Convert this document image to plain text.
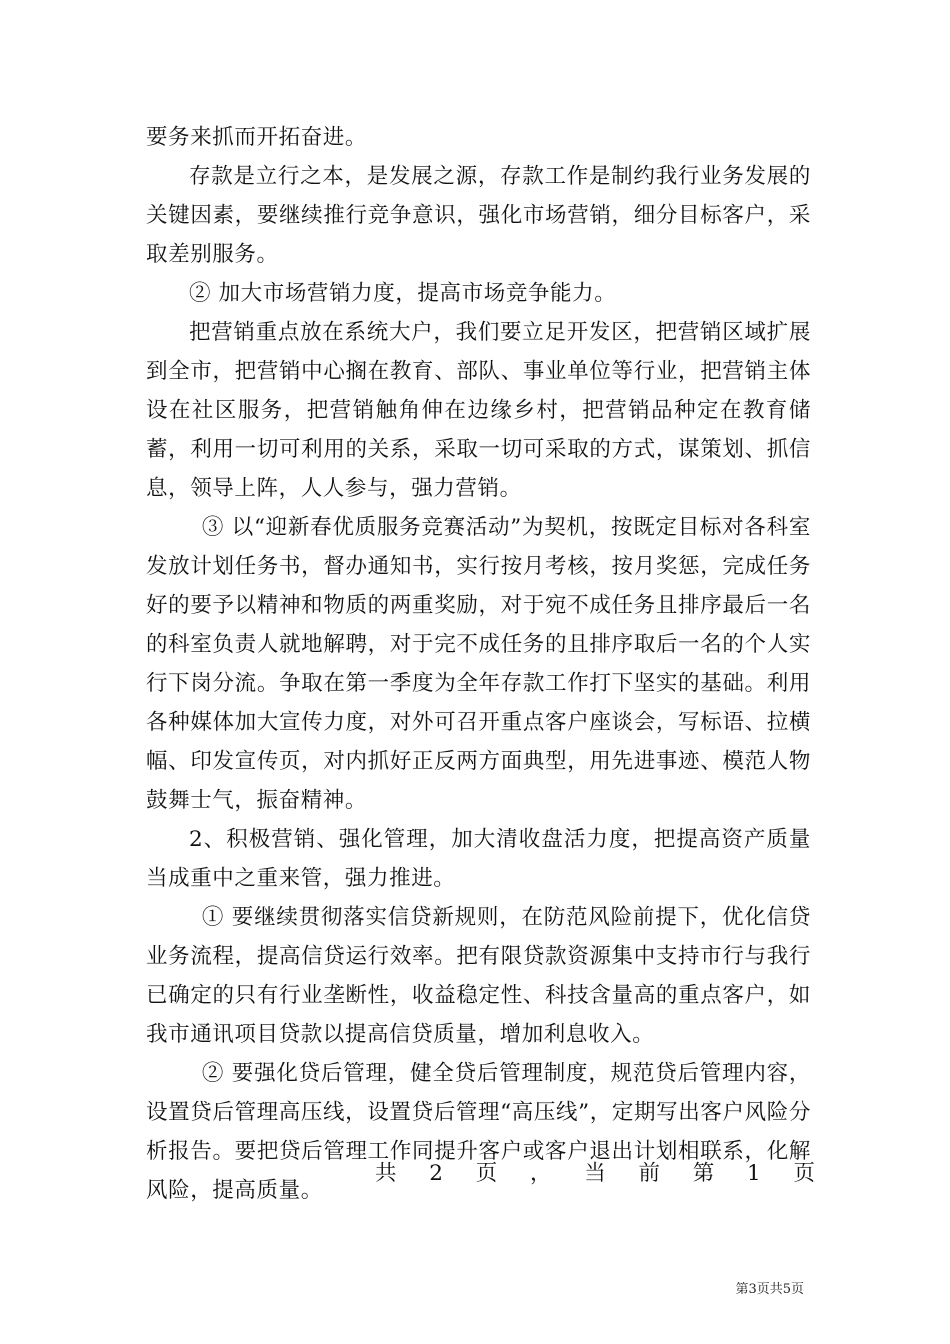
要务来抓而开拓奋进。

存款是立行之本，是发展之源，存款工作是制约我行业务发展的关键因素，要继续推行竞争意识，强化市场营销，细分目标客户，采取差别服务。

② 加大市场营销力度，提高市场竞争能力。

把营销重点放在系统大户，我们要立足开发区，把营销区域扩展到全市，把营销中心搁在教育、部队、事业单位等行业，把营销主体设在社区服务，把营销触角伸在边缘乡村，把营销品种定在教育储蓄，利用一切可利用的关系，采取一切可采取的方式，谋策划、抓信息，领导上阵，人人参与，强力营销。

③ 以“迎新春优质服务竞赛活动”为契机，按既定目标对各科室发放计划任务书，督办通知书，实行按月考核，按月奖惩，完成任务好的要予以精神和物质的两重奖励，对于宛不成任务且排序最后一名的科室负责人就地解聘，对于完不成任务的且排序取后一名的个人实行下岗分流。争取在第一季度为全年存款工作打下坚实的基础。利用各种媒体加大宣传力度，对外可召开重点客户座谈会，写标语、拉横幅、印发宣传页，对内抓好正反两方面典型，用先进事迹、模范人物鼓舞士气，振奋精神。

2、积极营销、强化管理，加大清收盘活力度，把提高资产质量当成重中之重来管，强力推进。

① 要继续贯彻落实信贷新规则，在防范风险前提下，优化信贷业务流程，提高信贷运行效率。把有限贷款资源集中支持市行与我行已确定的只有行业垄断性，收益稳定性、科技含量高的重点客户，如我市通讯项目贷款以提高信贷质量，增加利息收入。

② 要强化贷后管理，健全贷后管理制度，规范贷后管理内容，设置贷后管理高压线，设置贷后管理“高压线”，定期写出客户风险分析报告。要把贷后管理工作同提升客户或客户退出计划相联系，化解风险，提高质量。

共 2 页 ， 当 前 第 1 页
第3页共5页
